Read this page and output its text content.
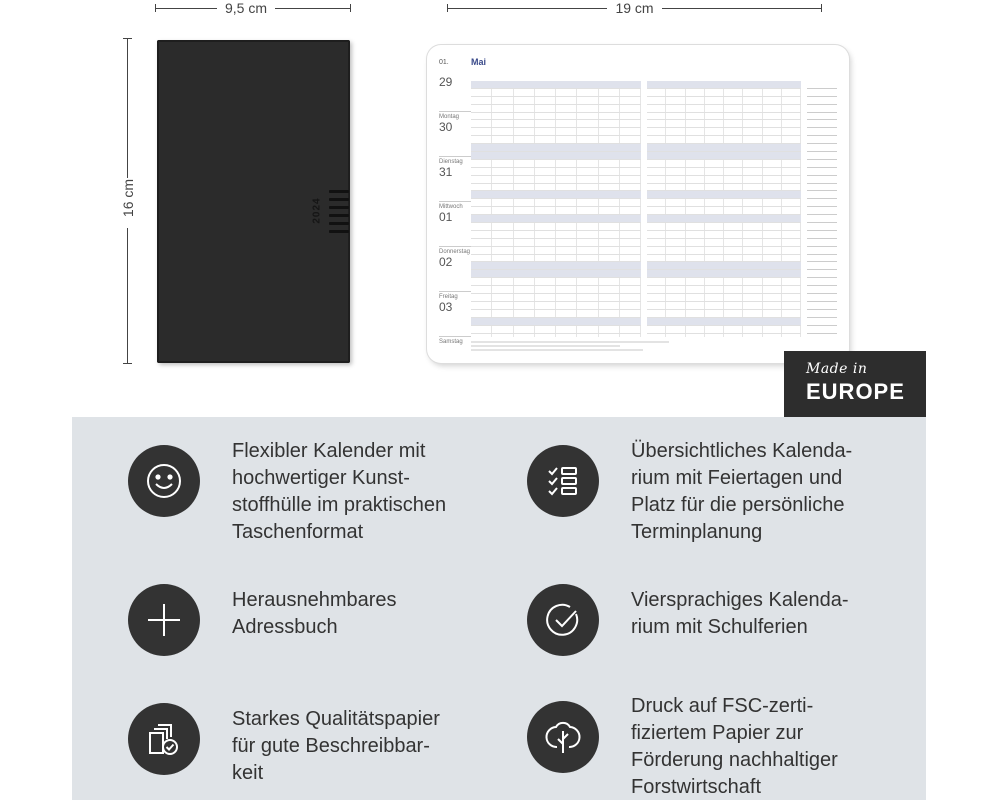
9,5 cm	19 cm
16 cm	2024
01. Mai
29
Montag
30
Dienstag
31
Mittwoch
01
Donnerstag
02
Freitag
03
Samstag
Made in
EUROPE
Flexibler Kalender mit
hochwertiger Kunst-
stoffhülle im praktischen
Taschenformat
Übersichtliches Kalenda-
rium mit Feiertagen und
Platz für die persönliche
Terminplanung
Herausnehmbares
Adressbuch
Viersprachiges Kalenda-
rium mit Schulferien
Starkes Qualitätspapier
für gute Beschreibbar-
keit
Druck auf FSC-zerti-
fiziertem Papier zur
Förderung nachhaltiger
Forstwirtschaft
